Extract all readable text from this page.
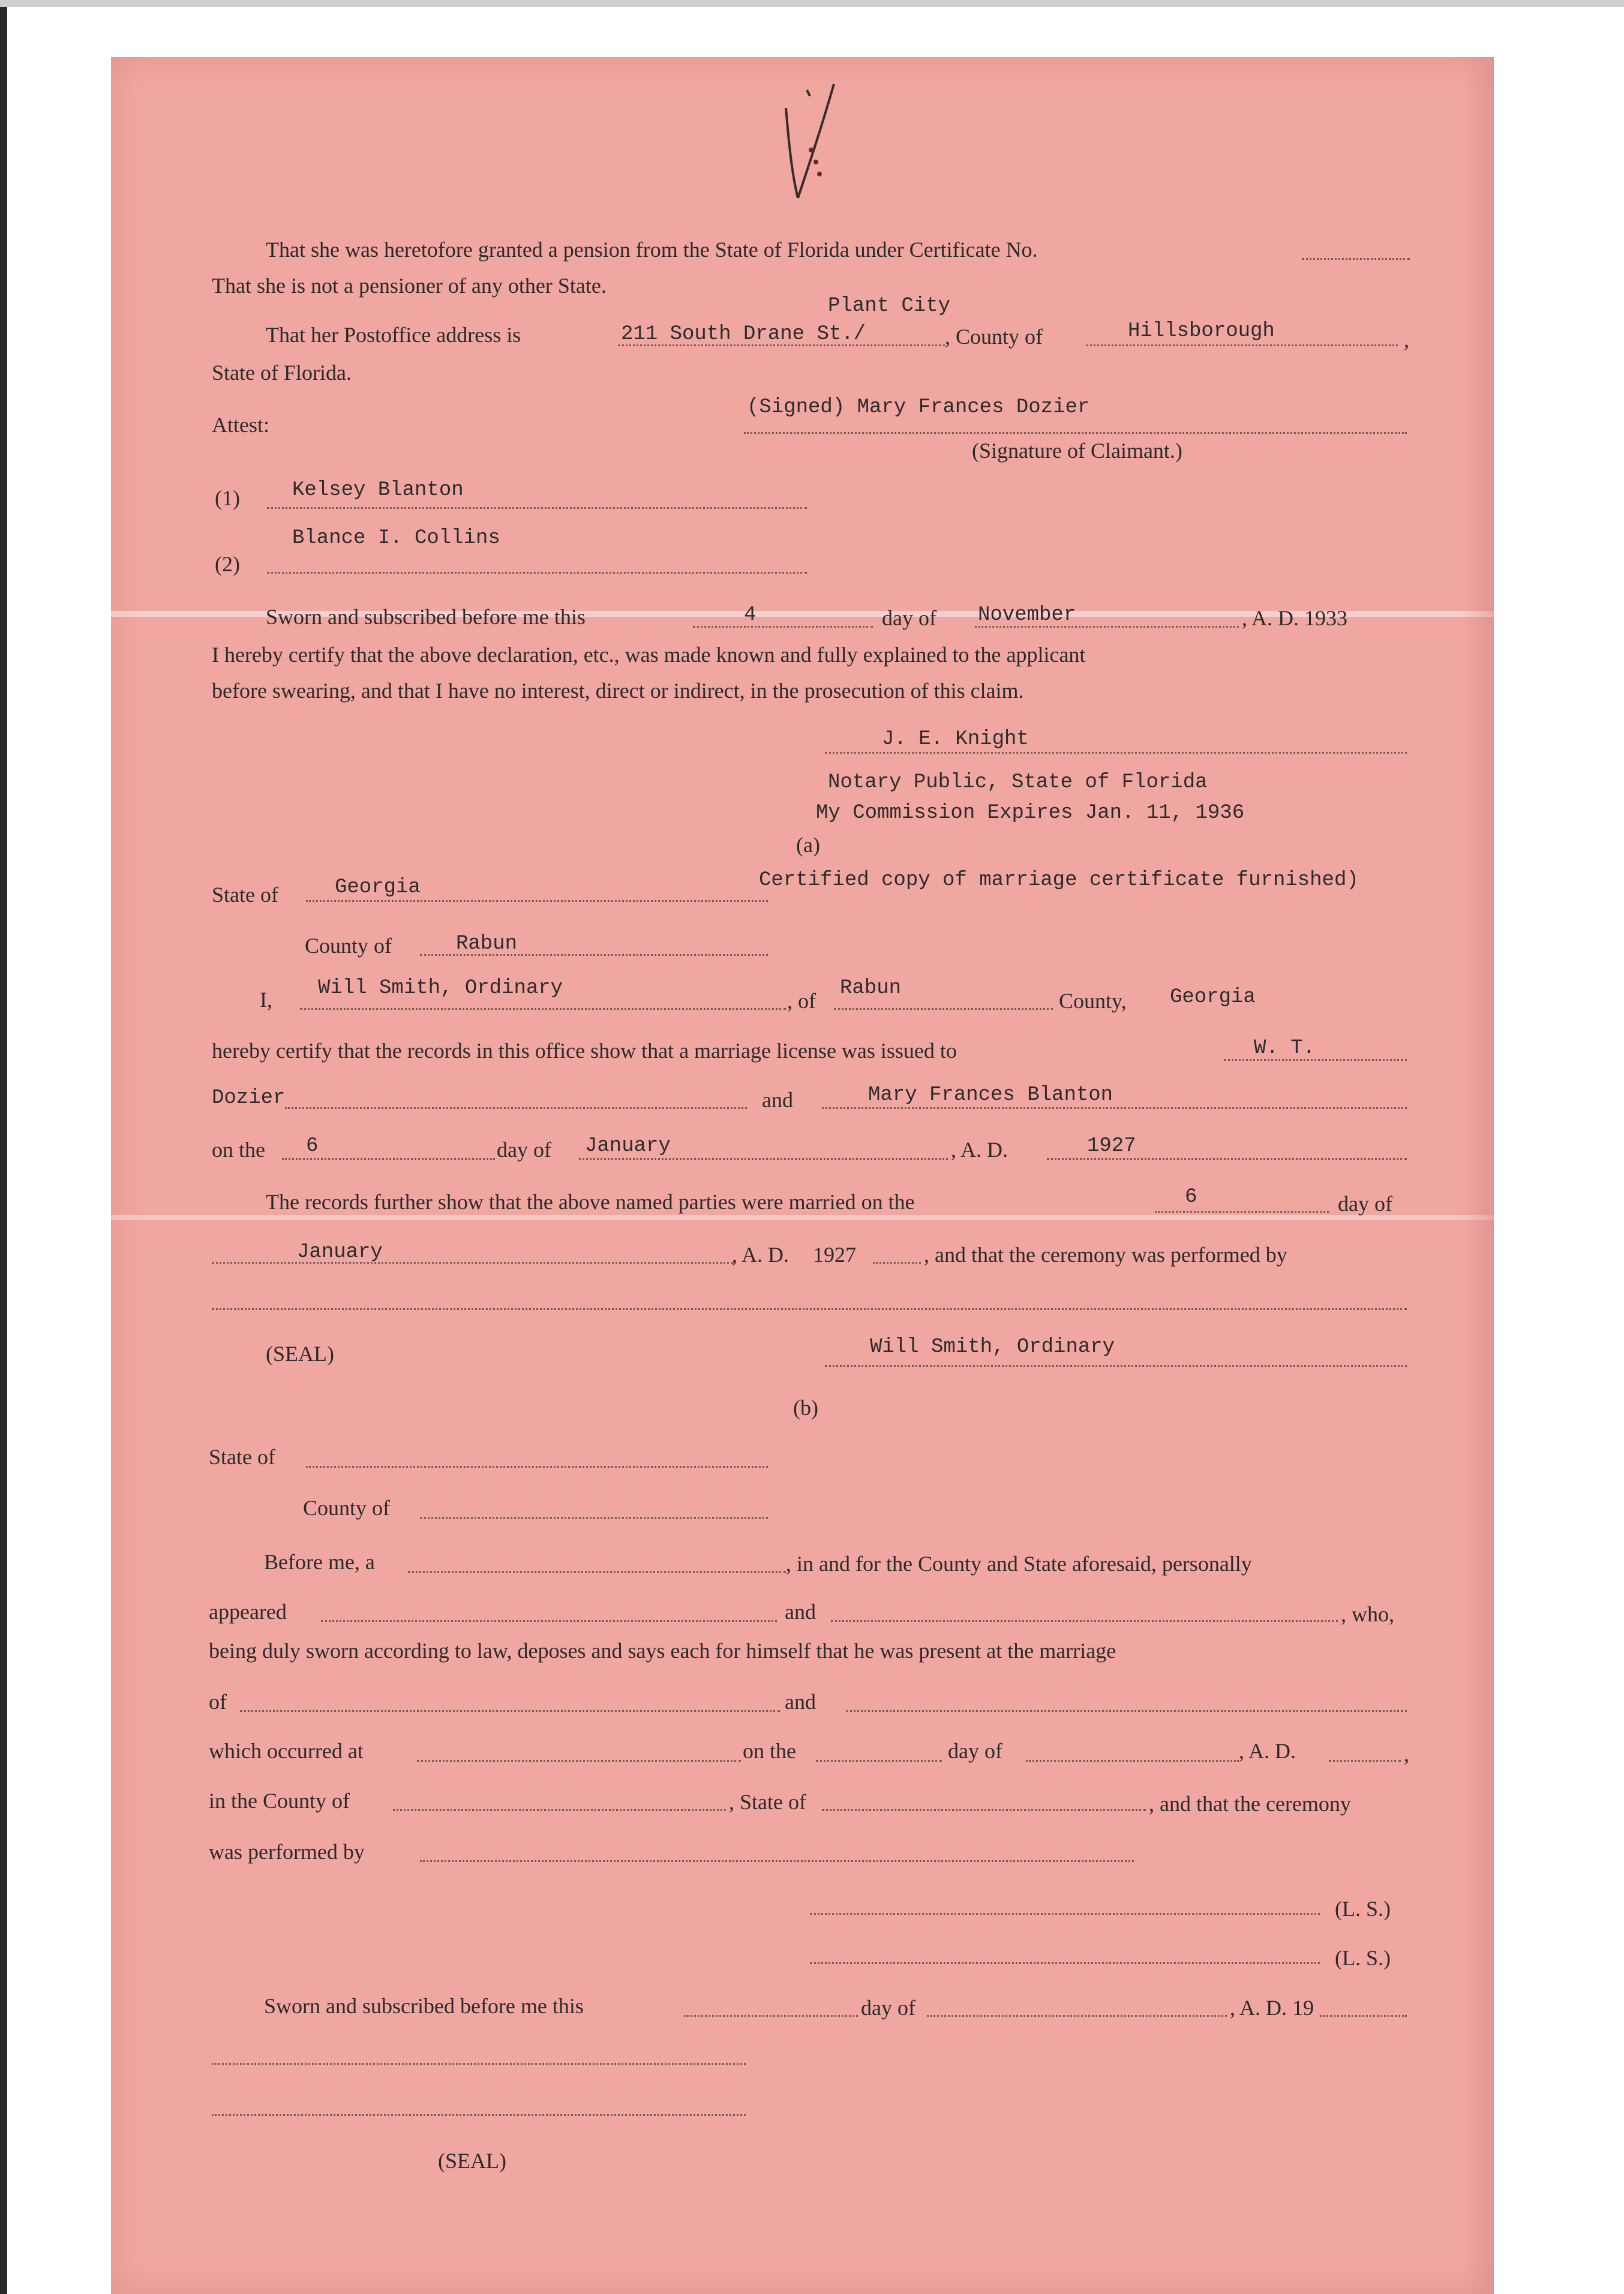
That she was heretofore granted a pension from the State of Florida under Certificate No.
That she is not a pensioner of any other State.
Plant City
That her Postoffice address is	211 South Drane St./	, County of	Hillsborough	,
State of Florida.
Attest:
(Signed) Mary Frances Dozier
(Signature of Claimant.)
(1)	Kelsey Blanton
Blance I. Collins
(2)
Sworn and subscribed before me this	4	day of November	, A. D. 1933
I hereby certify that the above declaration, etc., was made known and fully explained to the applicant
before swearing, and that I have no interest, direct or indirect, in the prosecution of this claim.
J. E. Knight
Notary Public, State of Florida
My Commission Expires Jan. 11, 1936
(a)
State of	Georgia	Certified copy of marriage certificate furnished)
County of	Rabun
I, Will Smith, Ordinary
, of
Rabun
County, Georgia
hereby certify that the records in this office show that a marriage license was issued to	W. T.
Dozier	and	Mary Frances Blanton
on the 6	day of January	, A. D.	1927
The records further show that the above named parties were married on the	6	day of
January	, A. D. 1927	, and that the ceremony was performed by
(SEAL)	Will Smith, Ordinary
(b)
State of
County of
Before me, a	, in and for the County and State aforesaid, personally
appeared	and	, who,
being duly sworn according to law, deposes and says each for himself that he was present at the marriage
of	and
which occurred at	on the	day of	, A. D.	,
in the County of	, State of	, and that the ceremony
was performed by
(L. S.)
(L. S.)
Sworn and subscribed before me this	day of	, A. D. 19
(SEAL)
